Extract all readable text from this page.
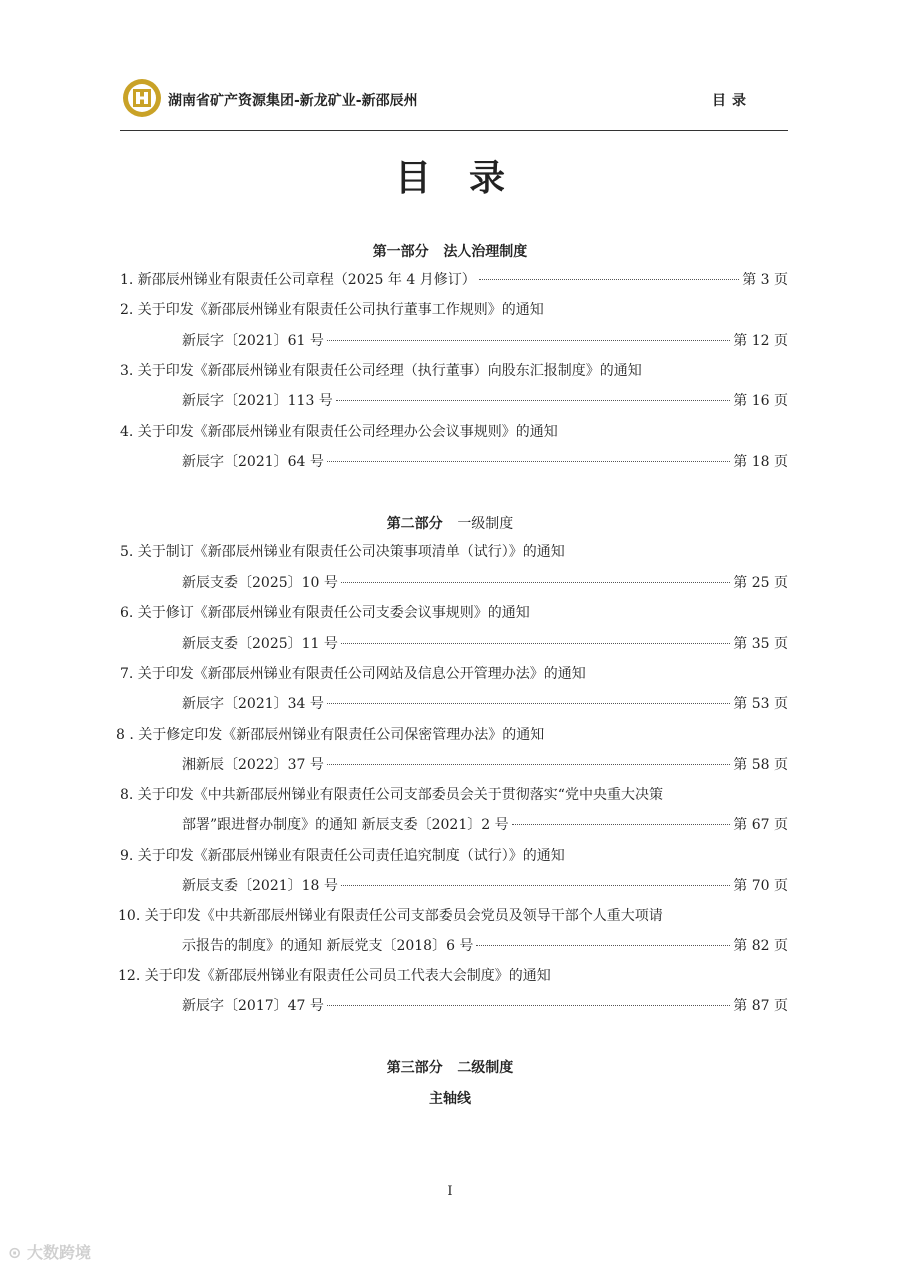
湖南省矿产资源集团-新龙矿业-新邵辰州	目录
目录
第一部分 法人治理制度
1. 新邵辰州锑业有限责任公司章程（2025 年 4 月修订）	第 3 页
2. 关于印发《新邵辰州锑业有限责任公司执行董事工作规则》的通知
新辰字〔2021〕61 号	第 12 页
3. 关于印发《新邵辰州锑业有限责任公司经理（执行董事）向股东汇报制度》的通知
新辰字〔2021〕113 号	第 16 页
4. 关于印发《新邵辰州锑业有限责任公司经理办公会议事规则》的通知
新辰字〔2021〕64 号	第 18 页
第二部分 一级制度
5. 关于制订《新邵辰州锑业有限责任公司决策事项清单（试行）》的通知
新辰支委〔2025〕10 号	第 25 页
6. 关于修订《新邵辰州锑业有限责任公司支委会议事规则》的通知
新辰支委〔2025〕11 号	第 35 页
7. 关于印发《新邵辰州锑业有限责任公司网站及信息公开管理办法》的通知
新辰字〔2021〕34 号	第 53 页
8 . 关于修定印发《新邵辰州锑业有限责任公司保密管理办法》的通知
湘新辰〔2022〕37 号	第 58 页
8. 关于印发《中共新邵辰州锑业有限责任公司支部委员会关于贯彻落实“党中央重大决策
部署”跟进督办制度》的通知 新辰支委〔2021〕2 号	第 67 页
9. 关于印发《新邵辰州锑业有限责任公司责任追究制度（试行）》的通知
新辰支委〔2021〕18 号	第 70 页
10. 关于印发《中共新邵辰州锑业有限责任公司支部委员会党员及领导干部个人重大项请
示报告的制度》的通知 新辰党支〔2018〕6 号	第 82 页
12. 关于印发《新邵辰州锑业有限责任公司员工代表大会制度》的通知
新辰字〔2017〕47 号	第 87 页
第三部分 二级制度
主轴线
I
⊙ 大数跨境
